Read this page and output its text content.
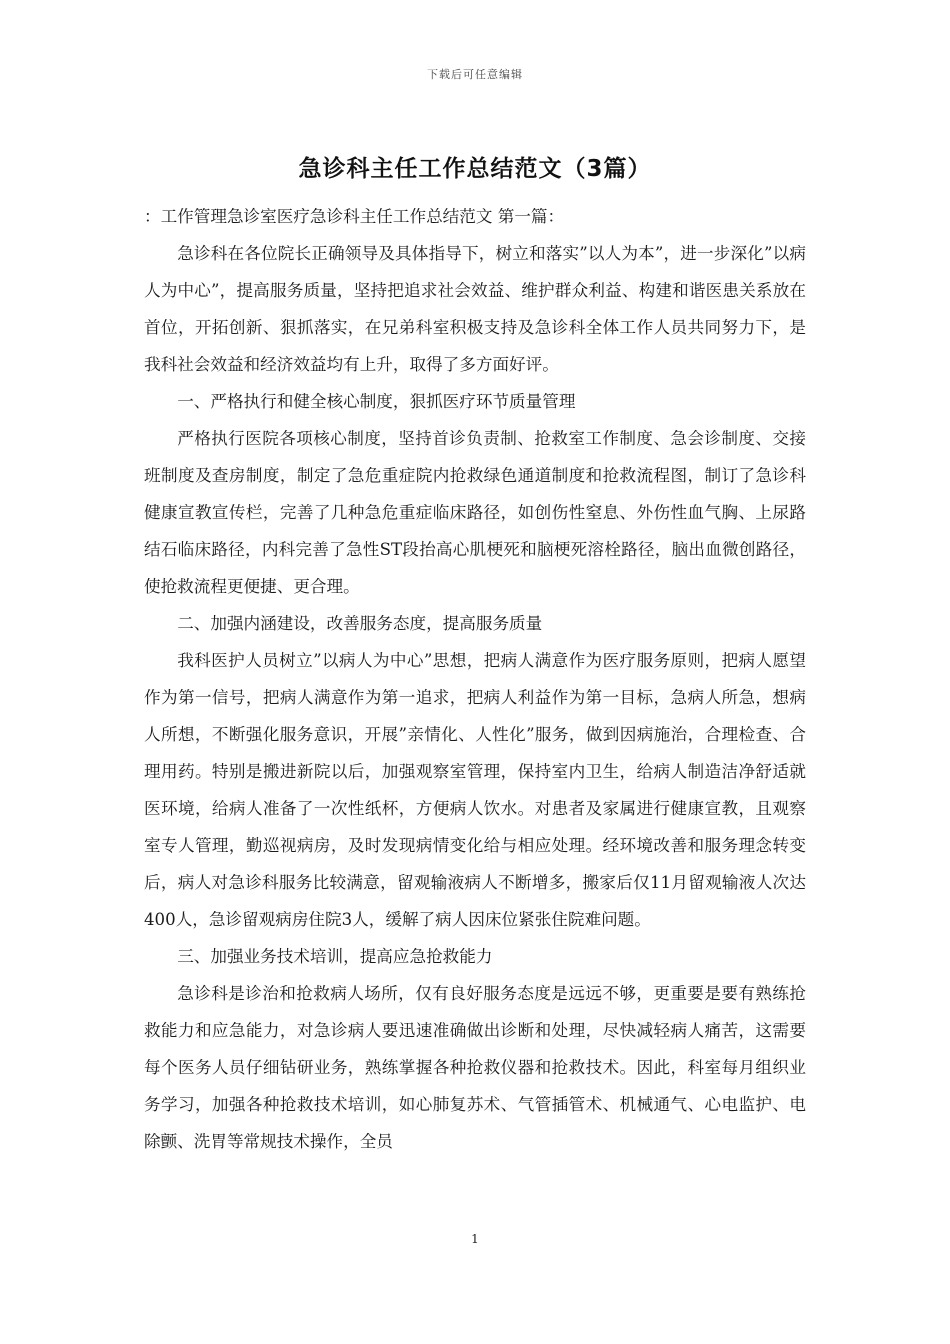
下载后可任意编辑
急诊科主任工作总结范文（3篇）

：工作管理急诊室医疗急诊科主任工作总结范文 第一篇：

急诊科在各位院长正确领导及具体指导下，树立和落实”以人为本”，进一步深化”以病人为中心”，提高服务质量，坚持把追求社会效益、维护群众利益、构建和谐医患关系放在首位，开拓创新、狠抓落实，在兄弟科室积极支持及急诊科全体工作人员共同努力下，是我科社会效益和经济效益均有上升，取得了多方面好评。

一、严格执行和健全核心制度，狠抓医疗环节质量管理

严格执行医院各项核心制度，坚持首诊负责制、抢救室工作制度、急会诊制度、交接班制度及查房制度，制定了急危重症院内抢救绿色通道制度和抢救流程图，制订了急诊科健康宣教宣传栏，完善了几种急危重症临床路径，如创伤性窒息、外伤性血气胸、上尿路结石临床路径，内科完善了急性ST段抬高心肌梗死和脑梗死溶栓路径，脑出血微创路径，使抢救流程更便捷、更合理。

二、加强内涵建设，改善服务态度，提高服务质量

我科医护人员树立”以病人为中心”思想，把病人满意作为医疗服务原则，把病人愿望作为第一信号，把病人满意作为第一追求，把病人利益作为第一目标，急病人所急，想病人所想，不断强化服务意识，开展”亲情化、人性化”服务，做到因病施治，合理检查、合理用药。特别是搬进新院以后，加强观察室管理，保持室内卫生，给病人制造洁净舒适就医环境，给病人准备了一次性纸杯，方便病人饮水。对患者及家属进行健康宣教，且观察室专人管理，勤巡视病房，及时发现病情变化给与相应处理。经环境改善和服务理念转变后，病人对急诊科服务比较满意，留观输液病人不断增多，搬家后仅11月留观输液人次达400人，急诊留观病房住院3人，缓解了病人因床位紧张住院难问题。

三、加强业务技术培训，提高应急抢救能力

急诊科是诊治和抢救病人场所，仅有良好服务态度是远远不够，更重要是要有熟练抢救能力和应急能力，对急诊病人要迅速准确做出诊断和处理，尽快减轻病人痛苦，这需要每个医务人员仔细钻研业务，熟练掌握各种抢救仪器和抢救技术。因此，科室每月组织业务学习，加强各种抢救技术培训，如心肺复苏术、气管插管术、机械通气、心电监护、电除颤、洗胃等常规技术操作，全员

1
